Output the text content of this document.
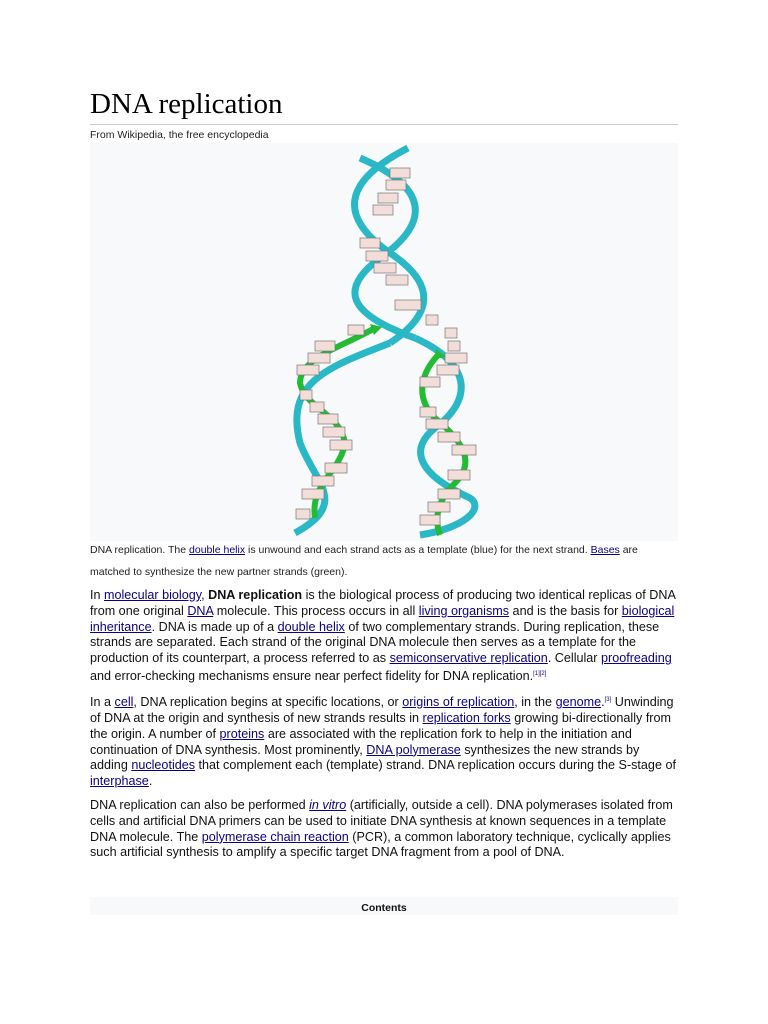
DNA replication
From Wikipedia, the free encyclopedia
DNA replication. The double helix is unwound and each strand acts as a template (blue) for the next strand. Bases are matched to synthesize the new partner strands (green).

In molecular biology, DNA replication is the biological process of producing two identical replicas of DNA from one original DNA molecule. This process occurs in all living organisms and is the basis for biological inheritance. DNA is made up of a double helix of two complementary strands. During replication, these strands are separated. Each strand of the original DNA molecule then serves as a template for the production of its counterpart, a process referred to as semiconservative replication. Cellular proofreading and error-checking mechanisms ensure near perfect fidelity for DNA replication.[1][2]

In a cell, DNA replication begins at specific locations, or origins of replication, in the genome.[3] Unwinding of DNA at the origin and synthesis of new strands results in replication forks growing bi-directionally from the origin. A number of proteins are associated with the replication fork to help in the initiation and continuation of DNA synthesis. Most prominently, DNA polymerase synthesizes the new strands by adding nucleotides that complement each (template) strand. DNA replication occurs during the S-stage of interphase.

DNA replication can also be performed in vitro (artificially, outside a cell). DNA polymerases isolated from cells and artificial DNA primers can be used to initiate DNA synthesis at known sequences in a template DNA molecule. The polymerase chain reaction (PCR), a common laboratory technique, cyclically applies such artificial synthesis to amplify a specific target DNA fragment from a pool of DNA.

Contents
